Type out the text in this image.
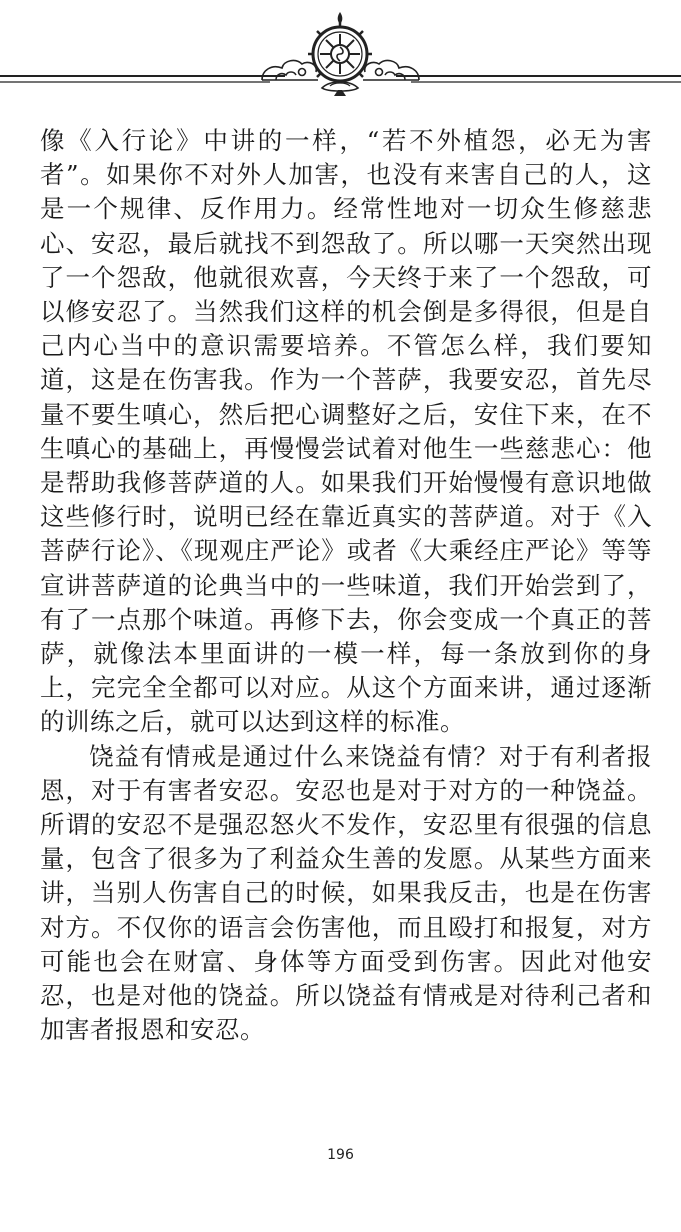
像《入行论》中讲的一样，“若不外植怨，必无为害者”。如果你不对外人加害，也没有来害自己的人，这是一个规律、反作用力。经常性地对一切众生修慈悲心、安忍，最后就找不到怨敌了。所以哪一天突然出现了一个怨敌，他就很欢喜，今天终于来了一个怨敌，可以修安忍了。当然我们这样的机会倒是多得很，但是自己内心当中的意识需要培养。不管怎么样，我们要知道，这是在伤害我。作为一个菩萨，我要安忍，首先尽量不要生嗔心，然后把心调整好之后，安住下来，在不生嗔心的基础上，再慢慢尝试着对他生一些慈悲心：他是帮助我修菩萨道的人。如果我们开始慢慢有意识地做这些修行时，说明已经在靠近真实的菩萨道。对于《入菩萨行论》、《现观庄严论》或者《大乘经庄严论》等等宣讲菩萨道的论典当中的一些味道，我们开始尝到了，有了一点那个味道。再修下去，你会变成一个真正的菩萨，就像法本里面讲的一模一样，每一条放到你的身上，完完全全都可以对应。从这个方面来讲，通过逐渐的训练之后，就可以达到这样的标准。

饶益有情戒是通过什么来饶益有情？对于有利者报恩，对于有害者安忍。安忍也是对于对方的一种饶益。所谓的安忍不是强忍怒火不发作，安忍里有很强的信息量，包含了很多为了利益众生善的发愿。从某些方面来讲，当别人伤害自己的时候，如果我反击，也是在伤害对方。不仅你的语言会伤害他，而且殴打和报复，对方可能也会在财富、身体等方面受到伤害。因此对他安忍，也是对他的饶益。所以饶益有情戒是对待利己者和加害者报恩和安忍。

196
